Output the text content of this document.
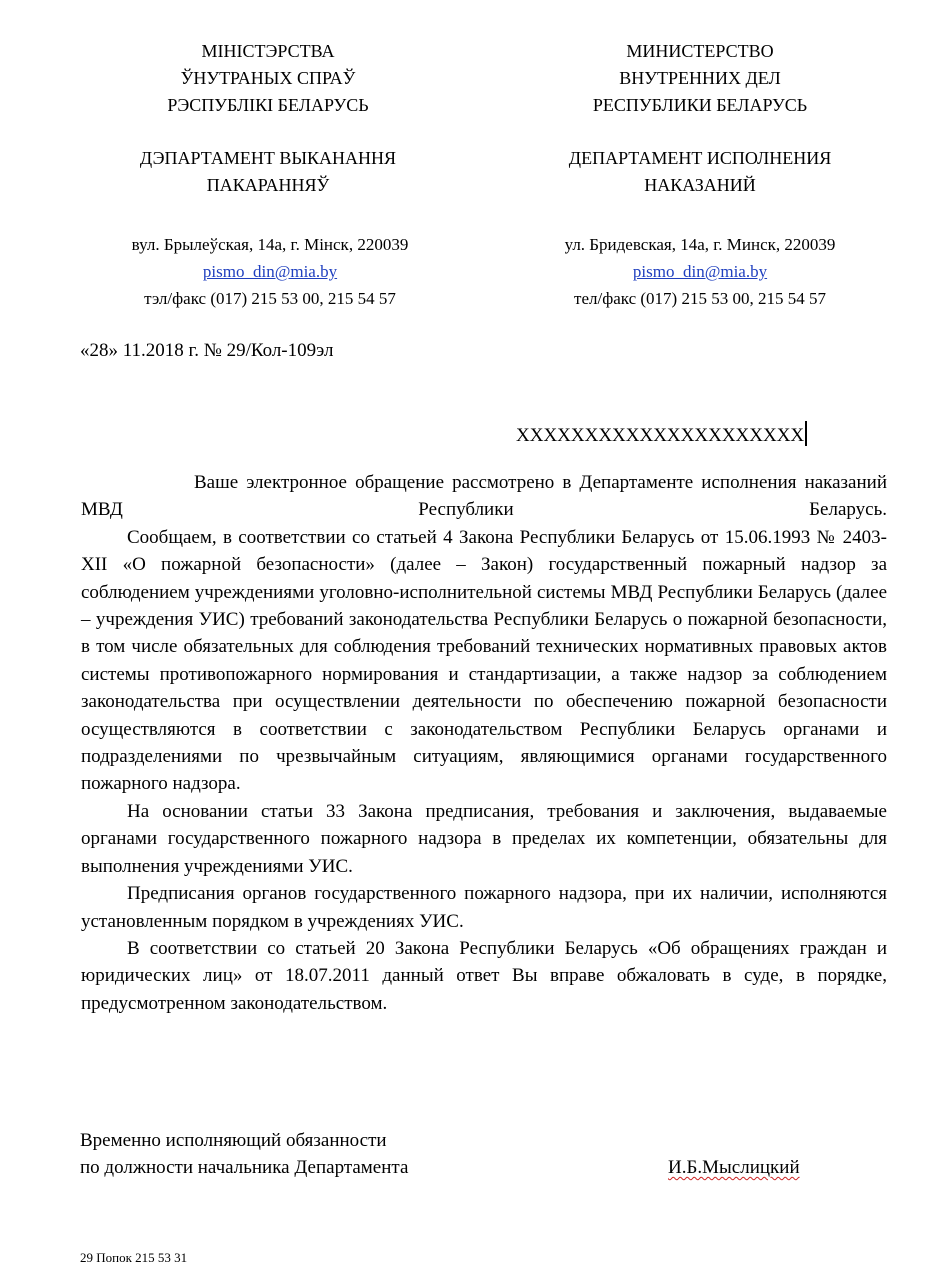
МІНІСТЭРСТВА
ЎНУТРАНЫХ СПРАЎ
РЭСПУБЛІКІ БЕЛАРУСЬ
ДЭПАРТАМЕНТ ВЫКАНАННЯ
ПАКАРАННЯЎ
вул. Брылеўская, 14а, г. Мінск, 220039
pismo_din@mia.by
тэл/факс (017) 215 53 00, 215 54 57
МИНИСТЕРСТВО
ВНУТРЕННИХ ДЕЛ
РЕСПУБЛИКИ БЕЛАРУСЬ
ДЕПАРТАМЕНТ ИСПОЛНЕНИЯ
НАКАЗАНИЙ
ул. Бридевская, 14а, г. Минск, 220039
pismo_din@mia.by
тел/факс (017) 215 53 00, 215 54 57
«28» 11.2018 г. № 29/Кол-109эл
XXXXXXXXXXXXXXXXXXXXX

Ваше электронное обращение рассмотрено в Департаменте исполнения наказаний МВД Республики Беларусь.

Сообщаем, в соответствии со статьей 4 Закона Республики Беларусь от 15.06.1993 № 2403-XII «О пожарной безопасности» (далее – Закон) государственный пожарный надзор за соблюдением учреждениями уголовно-исполнительной системы МВД Республики Беларусь (далее – учреждения УИС) требований законодательства Республики Беларусь о пожарной безопасности, в том числе обязательных для соблюдения требований технических нормативных правовых актов системы противопожарного нормирования и стандартизации, а также надзор за соблюдением законодательства при осуществлении деятельности по обеспечению пожарной безопасности осуществляются в соответствии с законодательством Республики Беларусь органами и подразделениями по чрезвычайным ситуациям, являющимися органами государственного пожарного надзора.

На основании статьи 33 Закона предписания, требования и заключения, выдаваемые органами государственного пожарного надзора в пределах их компетенции, обязательны для выполнения учреждениями УИС.

Предписания органов государственного пожарного надзора, при их наличии, исполняются установленным порядком в учреждениях УИС.

В соответствии со статьей 20 Закона Республики Беларусь «Об обращениях граждан и юридических лиц» от 18.07.2011 данный ответ Вы вправе обжаловать в суде, в порядке, предусмотренном законодательством.

Временно исполняющий обязанности
по должности начальника Департамента	И.Б.Мыслицкий
29 Попок 215 53 31
